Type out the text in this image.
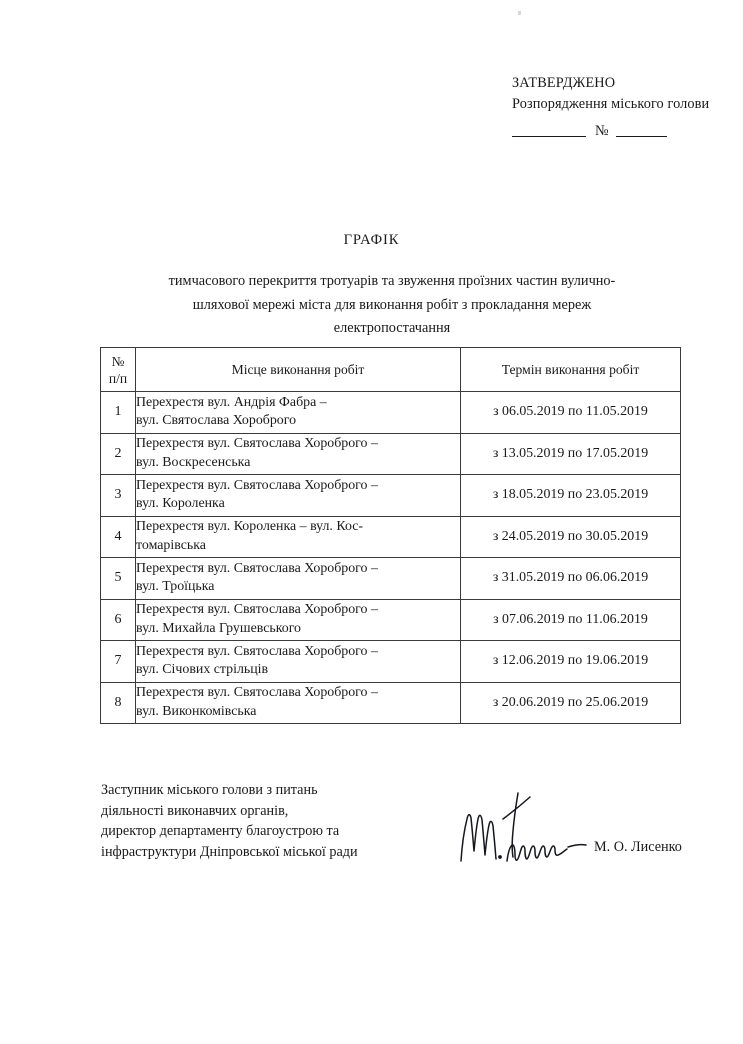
ЗАТВЕРДЖЕНО Розпорядження міського голови
№
ГРАФІК
тимчасового перекриття тротуарів та звуження проїзних частин вулично-
шляхової мережі міста для виконання робіт з прокладання мереж
електропостачання
№
п/п	Місце виконання робіт	Термін виконання робіт
1	Перехрестя вул. Андрія Фабра –
вул. Святослава Хороброго	з 06.05.2019 по 11.05.2019
2	Перехрестя вул. Святослава Хороброго –
вул. Воскресенська	з 13.05.2019 по 17.05.2019
3	Перехрестя вул. Святослава Хороброго –
вул. Короленка	з 18.05.2019 по 23.05.2019
4	Перехрестя вул. Короленка – вул. Кос-
томарівська	з 24.05.2019 по 30.05.2019
5	Перехрестя вул. Святослава Хороброго –
вул. Троїцька	з 31.05.2019 по 06.06.2019
6	Перехрестя вул. Святослава Хороброго –
вул. Михайла Грушевського	з 07.06.2019 по 11.06.2019
7	Перехрестя вул. Святослава Хороброго –
вул. Січових стрільців	з 12.06.2019 по 19.06.2019
8	Перехрестя вул. Святослава Хороброго –
вул. Виконкомівська	з 20.06.2019 по 25.06.2019
Заступник міського голови з питань
діяльності виконавчих органів,
директор департаменту благоустрою та
інфраструктури Дніпровської міської ради	М. О. Лисенко
